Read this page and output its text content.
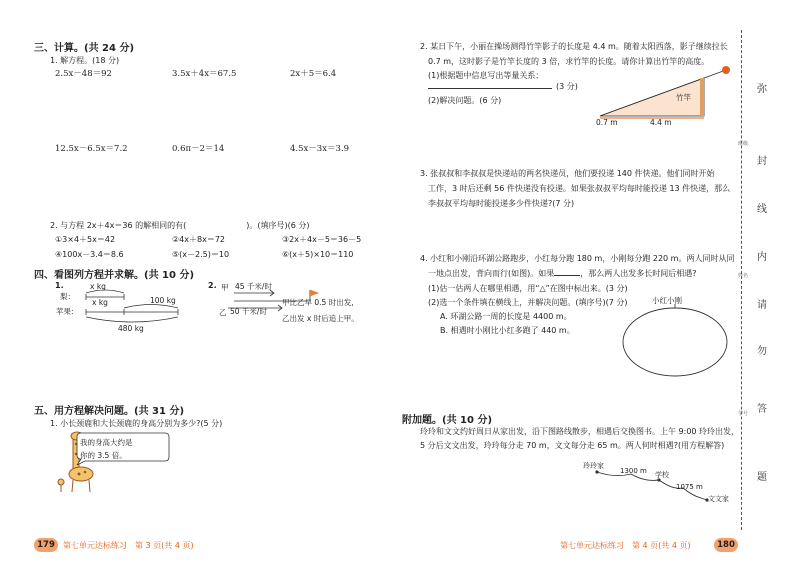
三、计算。(共 24 分)
1. 解方程。(18 分)
2.5x－48＝92	3.5x＋4x＝67.5	2x＋5＝6.4
12.5x－6.5x＝7.2	0.6π－2＝14	4.5x－3x＝3.9
2. 与方程 2x＋4x＝36 的解相同的有(	)。(填序号)(6 分)
①3×4＋5x＝42	②4x＋8x＝72	③2x＋4x－5＝36－5
④100x－3.4＝8.6	⑤(x－2.5)＝10	⑥(x＋5)×10＝110
四、看图列方程并求解。(共 10 分)
1.
梨：
x kg
苹果:
x kg	100 kg
480 kg
2. 甲
乙
45 千米/时
50 千米/时
甲比乙早 0.5 时出发,
乙出发 x 时后追上甲。
五、用方程解决问题。(共 31 分)
1. 小长颈鹿和大长颈鹿的身高分别为多少?(5 分)
我的身高大约是
你的 3.5 倍。
179	第七单元达标练习　第 3 页(共 4 页)
2. 某日下午，小丽在操场测得竹竿影子的长度是 4.4 m。随着太阳西落，影子继续拉长
0.7 m，这时影子是竹竿长度的 3 倍，求竹竿的长度。请你计算出竹竿的高度。
(1)根据题中信息写出等量关系：
(3 分)
(2)解决问题。(6 分)	竹竿
0.7 m	4.4 m
3. 张叔叔和李叔叔是快递站的两名快递员，他们要投递 140 件快递。他们同时开始
工作，3 时后还剩 56 件快递没有投递。如果张叔叔平均每时能投递 13 件快递，那么
李叔叔平均每时能投递多少件快递?(7 分)
4. 小红和小刚沿环湖公路跑步，小红每分跑 180 m，小刚每分跑 220 m。两人同时从同
一地点出发，背向而行(如图)。如果	，那么两人出发多长时间后相遇?
(1)估一估两人在哪里相遇，用“△”在图中标出来。(3 分)
(2)选一个条件填在横线上，并解决问题。(填序号)(7 分)
A. 环湖公路一周的长度是 4400 m。
B. 相遇时小刚比小红多跑了 440 m。
小红小刚
附加题。(共 10 分)
玲玲和文文约好周日从家出发，沿下图路线散步，相遇后交换图书。上午 9:00 玲玲出发，
5 分后文文出发，玲玲每分走 70 m，文文每分走 65 m。两人何时相遇?(用方程解答)
玲玲家
1300 m 学校
1075 m
文文家
第七单元达标练习　第 4 页(共 4 页)	180
班级
姓名
学号
弥
封
线
内
请
勿
答
题
